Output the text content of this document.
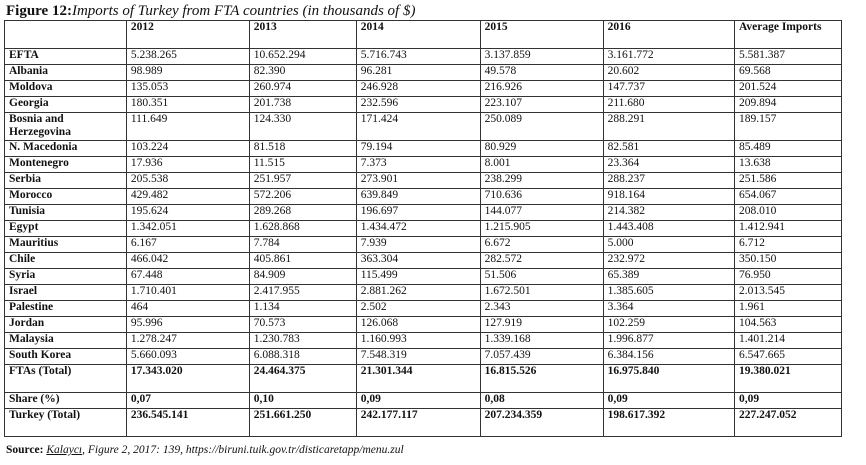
Figure 12:Imports of Turkey from FTA countries (in thousands of $)
	2012	2013	2014	2015	2016	Average Imports
EFTA	5.238.265	10.652.294	5.716.743	3.137.859	3.161.772	5.581.387
Albania	98.989	82.390	96.281	49.578	20.602	69.568
Moldova	135.053	260.974	246.928	216.926	147.737	201.524
Georgia	180.351	201.738	232.596	223.107	211.680	209.894
Bosnia and Herzegovina	111.649	124.330	171.424	250.089	288.291	189.157
N. Macedonia	103.224	81.518	79.194	80.929	82.581	85.489
Montenegro	17.936	11.515	7.373	8.001	23.364	13.638
Serbia	205.538	251.957	273.901	238.299	288.237	251.586
Morocco	429.482	572.206	639.849	710.636	918.164	654.067
Tunisia	195.624	289.268	196.697	144.077	214.382	208.010
Egypt	1.342.051	1.628.868	1.434.472	1.215.905	1.443.408	1.412.941
Mauritius	6.167	7.784	7.939	6.672	5.000	6.712
Chile	466.042	405.861	363.304	282.572	232.972	350.150
Syria	67.448	84.909	115.499	51.506	65.389	76.950
Israel	1.710.401	2.417.955	2.881.262	1.672.501	1.385.605	2.013.545
Palestine	464	1.134	2.502	2.343	3.364	1.961
Jordan	95.996	70.573	126.068	127.919	102.259	104.563
Malaysia	1.278.247	1.230.783	1.160.993	1.339.168	1.996.877	1.401.214
South Korea	5.660.093	6.088.318	7.548.319	7.057.439	6.384.156	6.547.665
FTAs (Total)	17.343.020	24.464.375	21.301.344	16.815.526	16.975.840	19.380.021
Share (%)	0,07	0,10	0,09	0,08	0,09	0,09
Turkey (Total)	236.545.141	251.661.250	242.177.117	207.234.359	198.617.392	227.247.052
Source: Kalaycı, Figure 2, 2017: 139, https://biruni.tuik.gov.tr/disticaretapp/menu.zul
